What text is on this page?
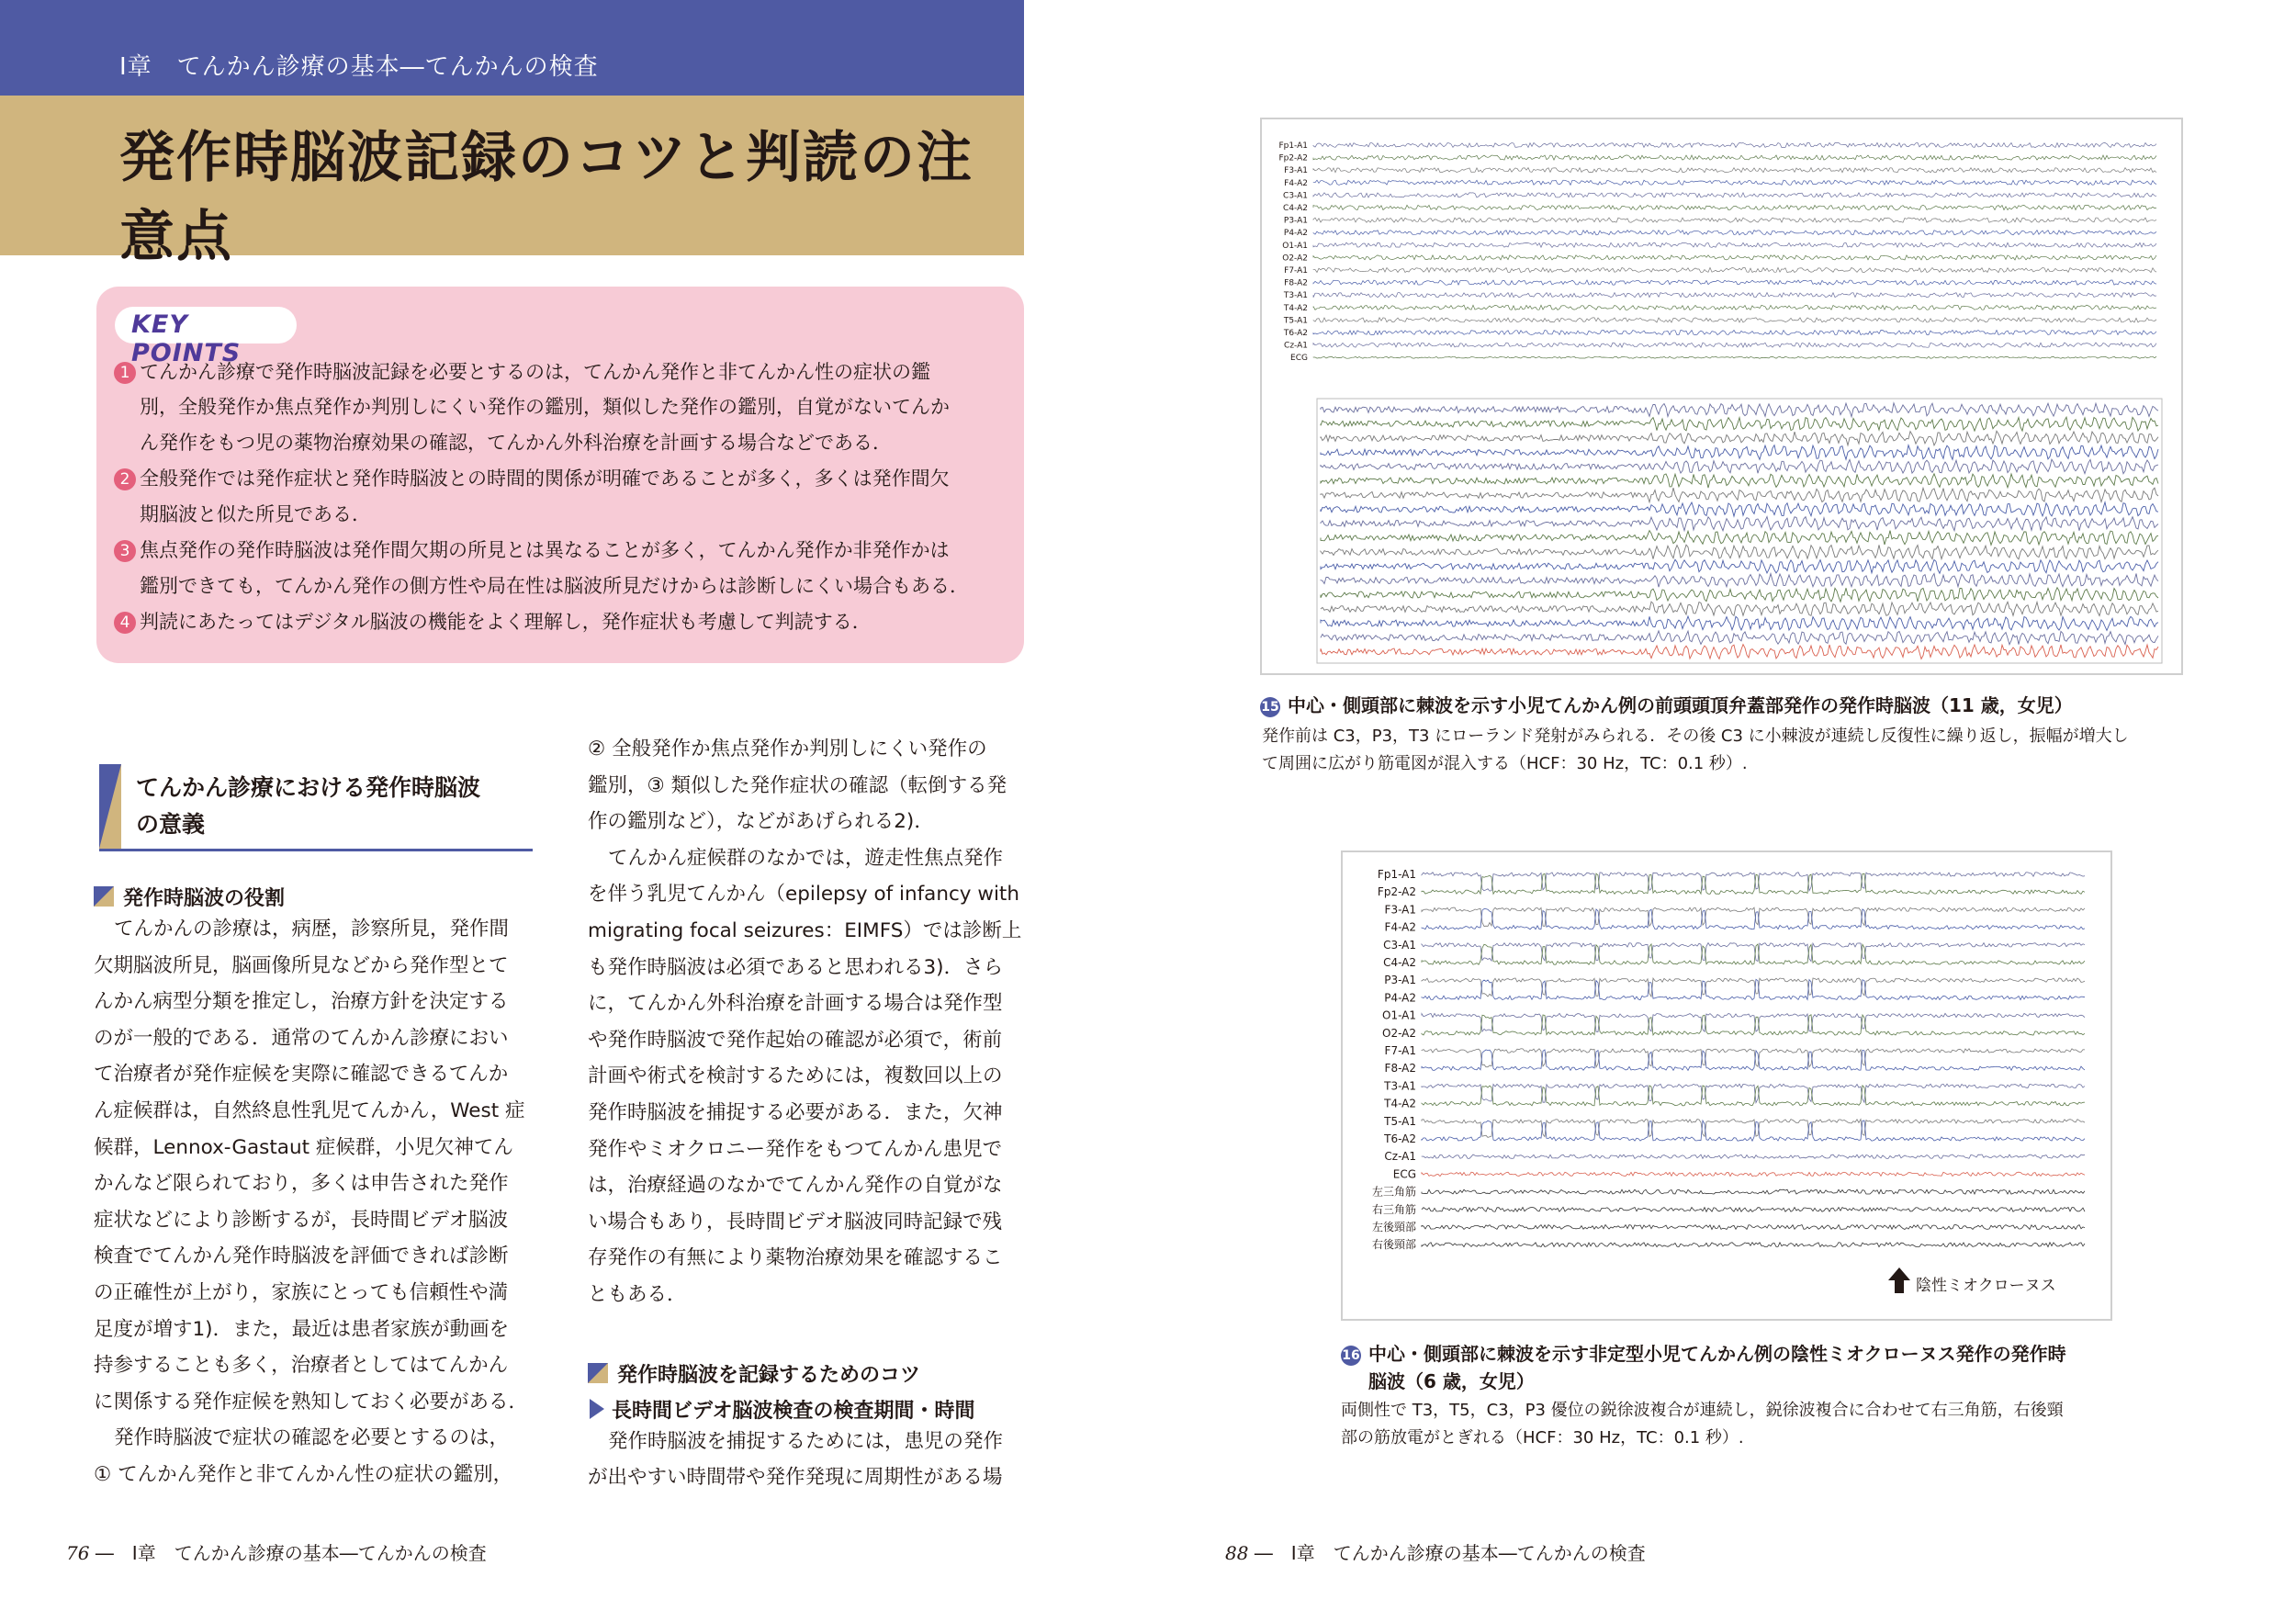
Ⅰ章　てんかん診療の基本―てんかんの検査
発作時脳波記録のコツと判読の注意点
KEY POINTS
1 てんかん診療で発作時脳波記録を必要とするのは，てんかん発作と非てんかん性の症状の鑑
別，全般発作か焦点発作か判別しにくい発作の鑑別，類似した発作の鑑別，自覚がないてんか
ん発作をもつ児の薬物治療効果の確認，てんかん外科治療を計画する場合などである．
2 全般発作では発作症状と発作時脳波との時間的関係が明確であることが多く，多くは発作間欠
期脳波と似た所見である．
3 焦点発作の発作時脳波は発作間欠期の所見とは異なることが多く，てんかん発作か非発作かは
鑑別できても，てんかん発作の側方性や局在性は脳波所見だけからは診断しにくい場合もある．
4 判読にあたってはデジタル脳波の機能をよく理解し，発作症状も考慮して判読する．
てんかん診療における発作時脳波
の意義
発作時脳波の役割
てんかんの診療は，病歴，診察所見，発作間
欠期脳波所見，脳画像所見などから発作型とて
んかん病型分類を推定し，治療方針を決定する
のが一般的である．通常のてんかん診療におい
て治療者が発作症候を実際に確認できるてんか
ん症候群は，自然終息性乳児てんかん，West 症
候群，Lennox-Gastaut 症候群，小児欠神てん
かんなど限られており，多くは申告された発作
症状などにより診断するが，長時間ビデオ脳波
検査でてんかん発作時脳波を評価できれば診断
の正確性が上がり，家族にとっても信頼性や満
足度が増す1)．また，最近は患者家族が動画を
持参することも多く，治療者としてはてんかん
に関係する発作症候を熟知しておく必要がある．
発作時脳波で症状の確認を必要とするのは，
① てんかん発作と非てんかん性の症状の鑑別，
② 全般発作か焦点発作か判別しにくい発作の
鑑別，③ 類似した発作症状の確認（転倒する発
作の鑑別など），などがあげられる2)．
てんかん症候群のなかでは，遊走性焦点発作
を伴う乳児てんかん（epilepsy of infancy with
migrating focal seizures：EIMFS）では診断上
も発作時脳波は必須であると思われる3)．さら
に，てんかん外科治療を計画する場合は発作型
や発作時脳波で発作起始の確認が必須で，術前
計画や術式を検討するためには，複数回以上の
発作時脳波を捕捉する必要がある．また，欠神
発作やミオクロニー発作をもつてんかん患児で
は，治療経過のなかでてんかん発作の自覚がな
い場合もあり，長時間ビデオ脳波同時記録で残
存発作の有無により薬物治療効果を確認するこ
ともある．
発作時脳波を記録するためのコツ
長時間ビデオ脳波検査の検査期間・時間
発作時脳波を捕捉するためには，患児の発作
が出やすい時間帯や発作発現に周期性がある場
76 ―　Ⅰ章　てんかん診療の基本―てんかんの検査
Fp1-A1
Fp2-A2
F3-A1
F4-A2
C3-A1
C4-A2
P3-A1
P4-A2
O1-A1
O2-A2
F7-A1
F8-A2
T3-A1
T4-A2
T5-A1
T6-A2
Cz-A1
ECG
15 中心・側頭部に棘波を示す小児てんかん例の前頭頭頂弁蓋部発作の発作時脳波（11 歳，女児）
発作前は C3，P3，T3 にローランド発射がみられる．その後 C3 に小棘波が連続し反復性に繰り返し，振幅が増大し
て周囲に広がり筋電図が混入する（HCF：30 Hz，TC：0.1 秒）.
Fp1-A1
Fp2-A2
F3-A1
F4-A2
C3-A1
C4-A2
P3-A1
P4-A2
O1-A1
O2-A2
F7-A1
F8-A2
T3-A1
T4-A2
T5-A1
T6-A2
Cz-A1
ECG
左三角筋
右三角筋
左後頸部
右後頸部
陰性ミオクローヌス
16 中心・側頭部に棘波を示す非定型小児てんかん例の陰性ミオクローヌス発作の発作時
脳波（6 歳，女児）
両側性で T3，T5，C3，P3 優位の鋭徐波複合が連続し，鋭徐波複合に合わせて右三角筋，右後頸
部の筋放電がとぎれる（HCF：30 Hz，TC：0.1 秒）.
88 ―　Ⅰ章　てんかん診療の基本―てんかんの検査
